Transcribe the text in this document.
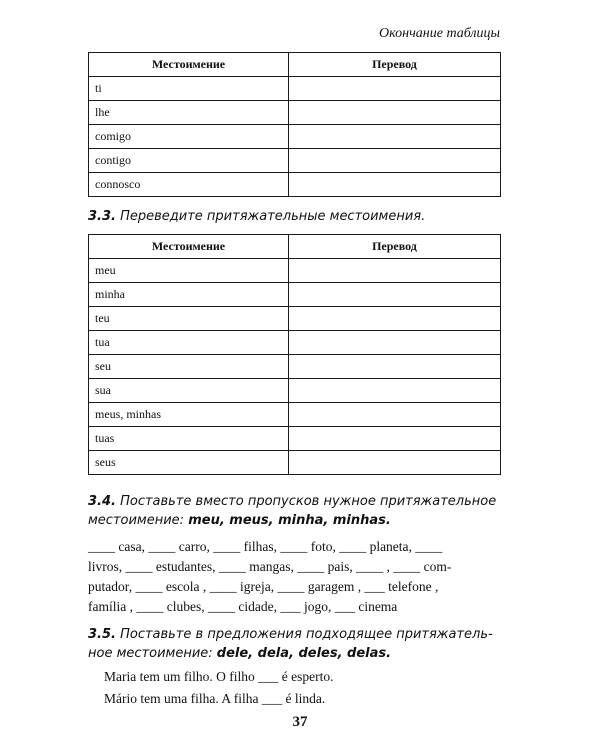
Окончание таблицы
Местоимение	Перевод
ti	
lhe	
comigo	
contigo	
connosco	
3.3. Переведите притяжательные местоимения.
Местоимение	Перевод
meu	
minha	
teu	
tua	
seu	
sua	
meus, minhas	
tuas	
seus	
3.4. Поставьте вместо пропусков нужное притяжательное
местоимение: meu, meus, minha, minhas.
____ casa, ____ carro, ____ filhas, ____ foto, ____ planeta, ____
livros, ____ estudantes, ____ mangas, ____ pais, ____ , ____ com-
putador, ____ escola , ____ igreja, ____ garagem , ___ telefone ,
família , ____ clubes, ____ cidade, ___ jogo, ___ cinema
3.5. Поставьте в предложения подходящее притяжатель-
ное местоимение: dele, dela, deles, delas.
Maria tem um filho. O filho ___ é esperto.
Mário tem uma filha. A filha ___ é linda.
37
